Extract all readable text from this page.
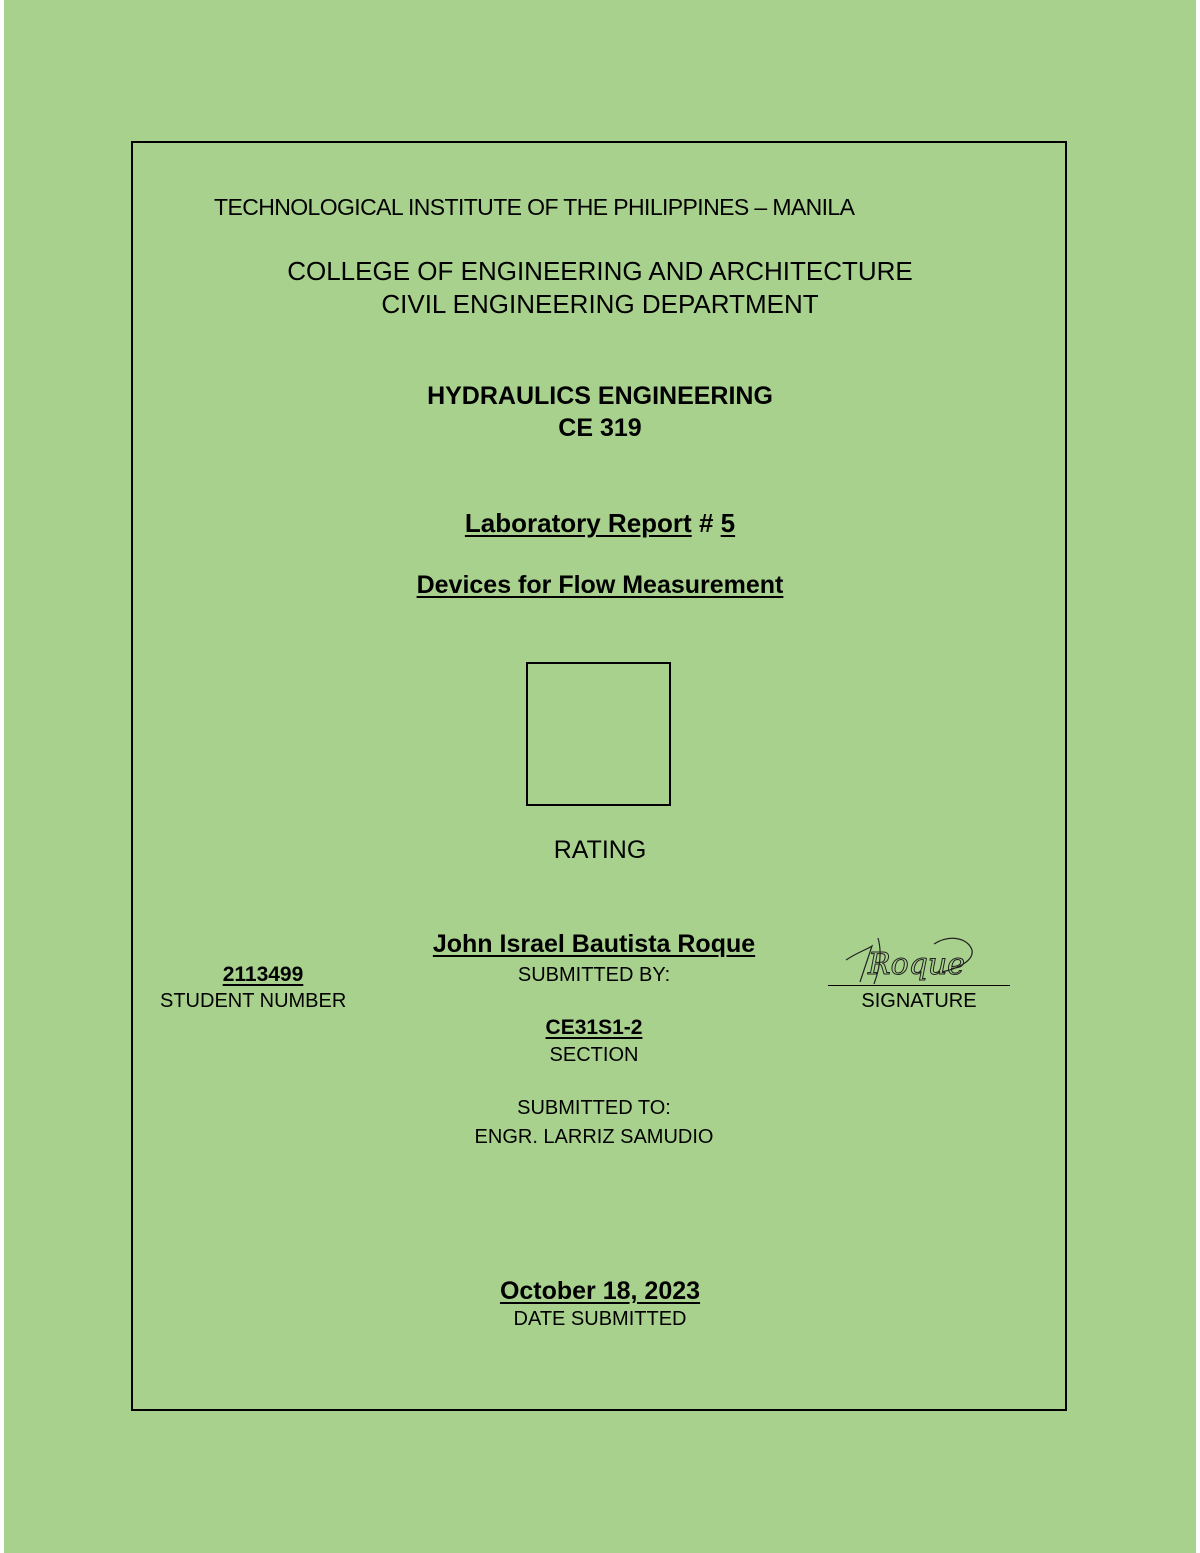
TECHNOLOGICAL INSTITUTE OF THE PHILIPPINES – MANILA
COLLEGE OF ENGINEERING AND ARCHITECTURE
CIVIL ENGINEERING DEPARTMENT
HYDRAULICS ENGINEERING
CE 319
Laboratory Report # 5
Devices for Flow Measurement
RATING
John Israel Bautista Roque
SUBMITTED BY:
2113499
STUDENT NUMBER
Roque
SIGNATURE
CE31S1-2
SECTION
SUBMITTED TO:
ENGR. LARRIZ SAMUDIO
October 18, 2023
DATE SUBMITTED
